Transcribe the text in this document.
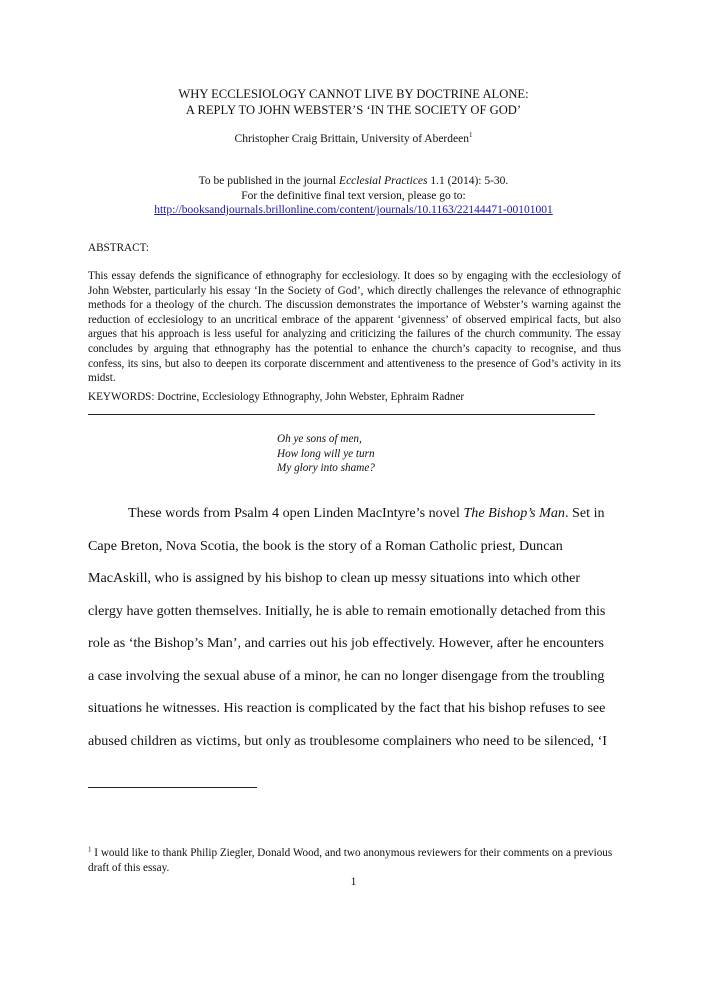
WHY ECCLESIOLOGY CANNOT LIVE BY DOCTRINE ALONE:
A REPLY TO JOHN WEBSTER’S ‘IN THE SOCIETY OF GOD’
Christopher Craig Brittain, University of Aberdeen$^1$
To be published in the journal Ecclesial Practices 1.1 (2014): 5-30.
For the definitive final text version, please go to:
http://booksandjournals.brillonline.com/content/journals/10.1163/22144471-00101001
ABSTRACT:
This essay defends the significance of ethnography for ecclesiology. It does so by engaging with the ecclesiology of John Webster, particularly his essay ‘In the Society of God’, which directly challenges the relevance of ethnographic methods for a theology of the church. The discussion demonstrates the importance of Webster’s warning against the reduction of ecclesiology to an uncritical embrace of the apparent ‘givenness’ of observed empirical facts, but also argues that his approach is less useful for analyzing and criticizing the failures of the church community. The essay concludes by arguing that ethnography has the potential to enhance the church’s capacity to recognise, and thus confess, its sins, but also to deepen its corporate discernment and attentiveness to the presence of God’s activity in its midst.
KEYWORDS: Doctrine, Ecclesiology Ethnography, John Webster, Ephraim Radner
Oh ye sons of men,
How long will ye turn
My glory into shame?
These words from Psalm 4 open Linden MacIntyre’s novel The Bishop’s Man. Set in
Cape Breton, Nova Scotia, the book is the story of a Roman Catholic priest, Duncan
MacAskill, who is assigned by his bishop to clean up messy situations into which other
clergy have gotten themselves. Initially, he is able to remain emotionally detached from this
role as ‘the Bishop’s Man’, and carries out his job effectively. However, after he encounters
a case involving the sexual abuse of a minor, he can no longer disengage from the troubling
situations he witnesses. His reaction is complicated by the fact that his bishop refuses to see
abused children as victims, but only as troublesome complainers who need to be silenced, ‘I
$^1$ I would like to thank Philip Ziegler, Donald Wood, and two anonymous reviewers for their comments on a previous draft of this essay.
1
